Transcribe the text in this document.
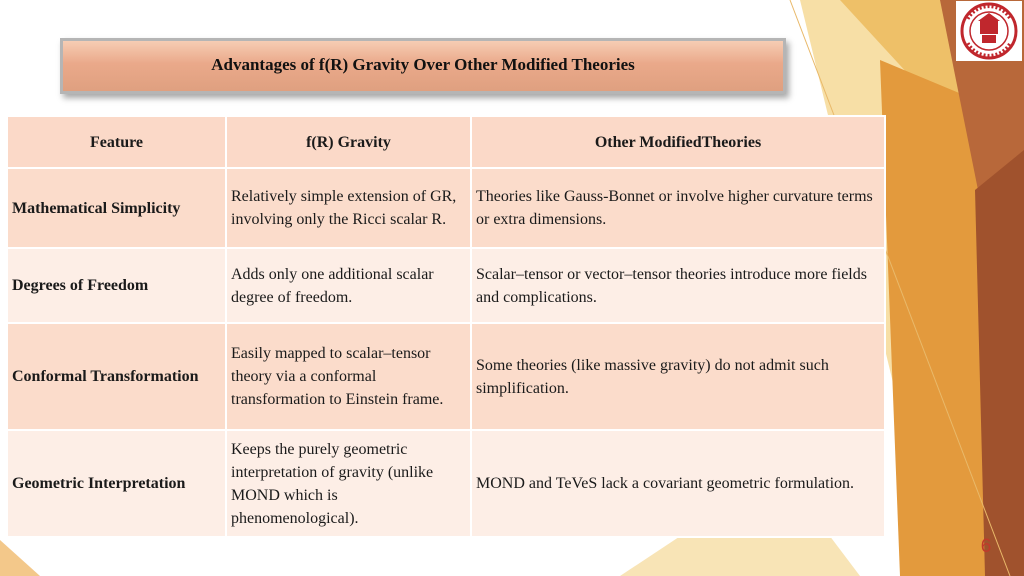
Advantages of f(R) Gravity Over Other Modified Theories
Feature	f(R) Gravity	Other ModifiedTheories
Mathematical Simplicity	Relatively simple extension of GR, involving only the Ricci scalar R.	Theories like Gauss-Bonnet or involve higher curvature terms or extra dimensions.
Degrees of Freedom	Adds only one additional scalar degree of freedom.	Scalar–tensor or vector–tensor theories introduce more fields and complications.
Conformal Transformation	Easily mapped to scalar–tensor theory via a conformal transformation to Einstein frame.	Some theories (like massive gravity) do not admit such simplification.
Geometric Interpretation	Keeps the purely geometric interpretation of gravity (unlike MOND which is phenomenological).	MOND and TeVeS lack a covariant geometric formulation.
6
